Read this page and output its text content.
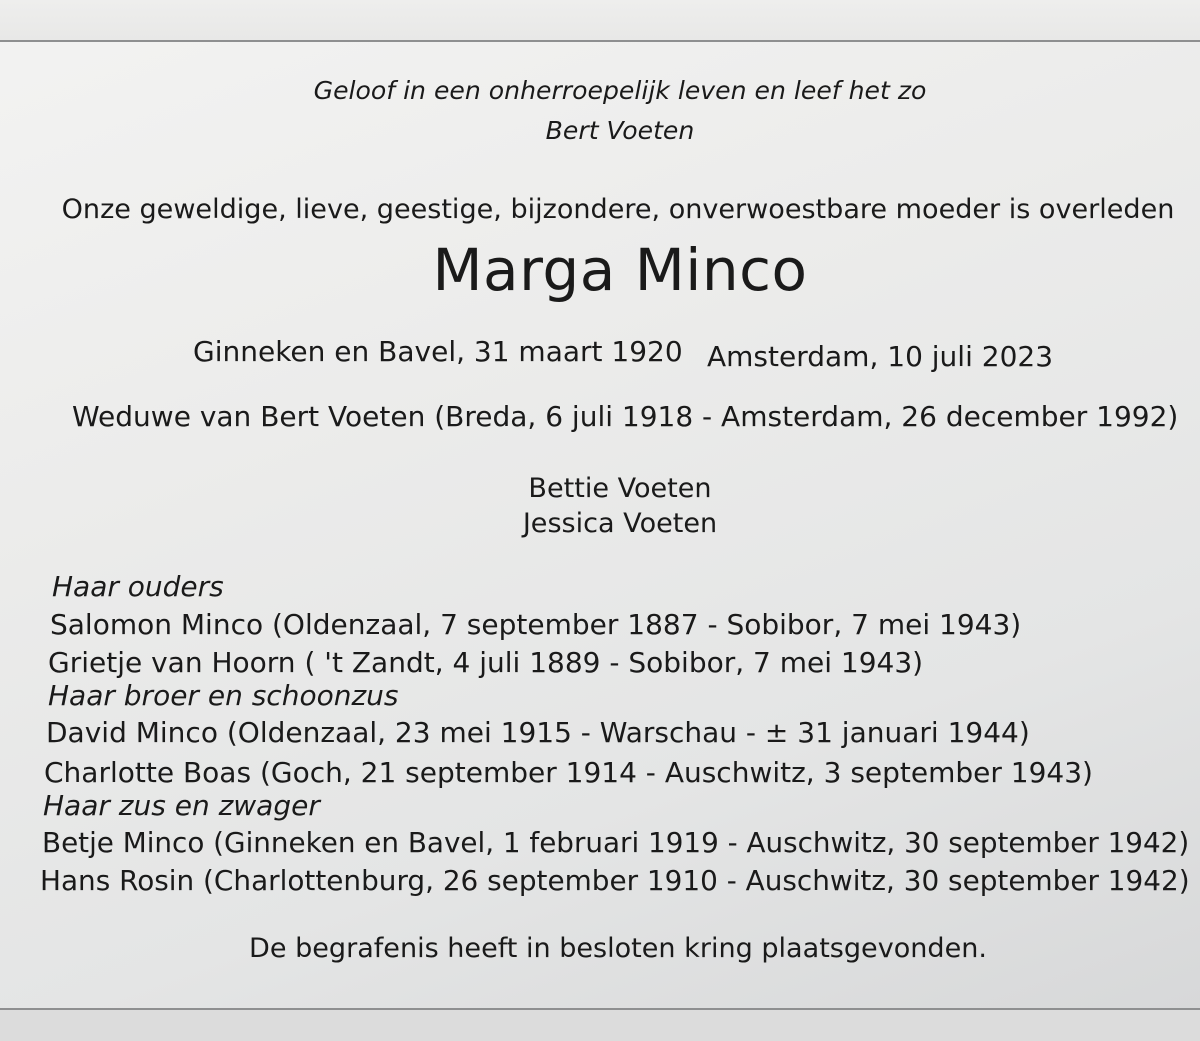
Geloof in een onherroepelijk leven en leef het zo

Bert Voeten

Onze geweldige, lieve, geestige, bijzondere, onverwoestbare moeder is overleden

Marga Minco

Ginneken en Bavel, 31 maart 1920 Amsterdam, 10 juli 2023

Weduwe van Bert Voeten (Breda, 6 juli 1918 - Amsterdam, 26 december 1992)

Bettie Voeten

Jessica Voeten

Haar ouders

Salomon Minco (Oldenzaal, 7 september 1887 - Sobibor, 7 mei 1943)

Grietje van Hoorn ( 't Zandt, 4 juli 1889 - Sobibor, 7 mei 1943)

Haar broer en schoonzus

David Minco (Oldenzaal, 23 mei 1915 - Warschau - ± 31 januari 1944)

Charlotte Boas (Goch, 21 september 1914 - Auschwitz, 3 september 1943)

Haar zus en zwager

Betje Minco (Ginneken en Bavel, 1 februari 1919 - Auschwitz, 30 september 1942)

Hans Rosin (Charlottenburg, 26 september 1910 - Auschwitz, 30 september 1942)

De begrafenis heeft in besloten kring plaatsgevonden.
